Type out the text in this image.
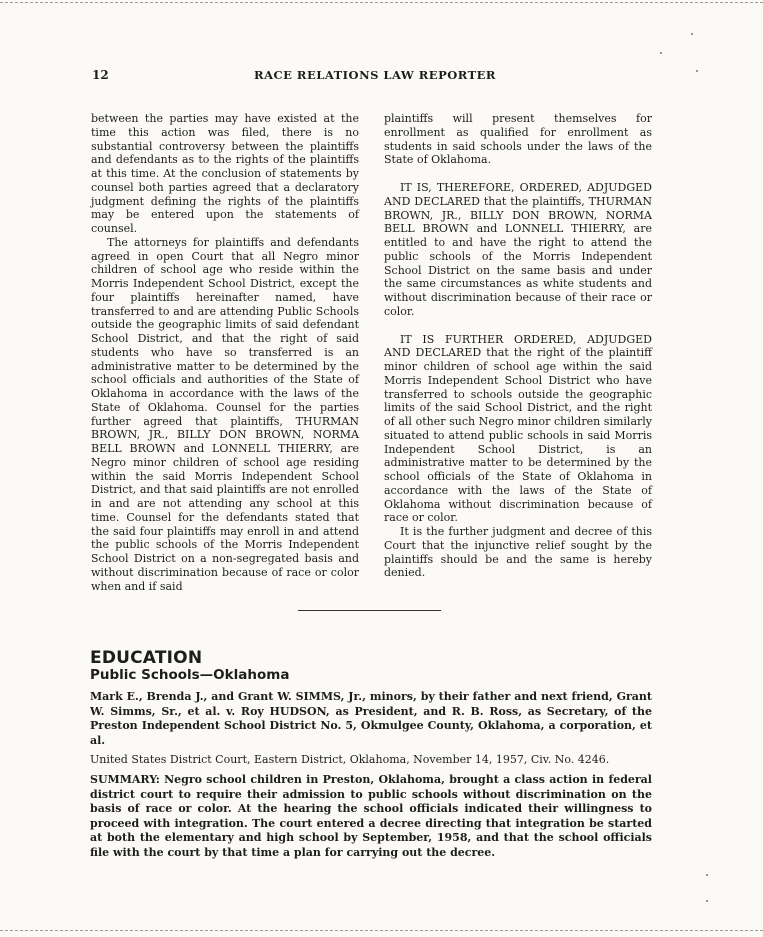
12	RACE RELATIONS LAW REPORTER

between the parties may have existed at the time this action was filed, there is no substantial controversy between the plaintiffs and defendants as to the rights of the plaintiffs at this time. At the conclusion of statements by counsel both parties agreed that a declaratory judgment defining the rights of the plaintiffs may be entered upon the statements of counsel.

The attorneys for plaintiffs and defendants agreed in open Court that all Negro minor children of school age who reside within the Morris Independent School District, except the four plaintiffs hereinafter named, have transferred to and are attending Public Schools outside the geographic limits of said defendant School District, and that the right of said students who have so transferred is an administrative matter to be determined by the school officials and authorities of the State of Oklahoma in accordance with the laws of the State of Oklahoma. Counsel for the parties further agreed that plaintiffs, THURMAN BROWN, JR., BILLY DON BROWN, NORMA BELL BROWN and LONNELL THIERRY, are Negro minor children of school age residing within the said Morris Independent School District, and that said plaintiffs are not enrolled in and are not attending any school at this time. Counsel for the defendants stated that the said four plaintiffs may enroll in and attend the public schools of the Morris Independent School District on a non-segregated basis and without discrimination because of race or color when and if said

plaintiffs will present themselves for enrollment as qualified for enrollment as students in said schools under the laws of the State of Oklahoma.

IT IS, THEREFORE, ORDERED, ADJUDGED AND DECLARED that the plaintiffs, THURMAN BROWN, JR., BILLY DON BROWN, NORMA BELL BROWN and LONNELL THIERRY, are entitled to and have the right to attend the public schools of the Morris Independent School District on the same basis and under the same circumstances as white students and without discrimination because of their race or color.

IT IS FURTHER ORDERED, ADJUDGED AND DECLARED that the right of the plaintiff minor children of school age within the said Morris Independent School District who have transferred to schools outside the geographic limits of the said School District, and the right of all other such Negro minor children similarly situated to attend public schools in said Morris Independent School District, is an administrative matter to be determined by the school officials of the State of Oklahoma in accordance with the laws of the State of Oklahoma without discrimination because of race or color.

It is the further judgment and decree of this Court that the injunctive relief sought by the plaintiffs should be and the same is hereby denied.

EDUCATION
Public Schools—Oklahoma
Mark E., Brenda J., and Grant W. SIMMS, Jr., minors, by their father and next friend, Grant W. Simms, Sr., et al. v. Roy HUDSON, as President, and R. B. Ross, as Secretary, of the Preston Independent School District No. 5, Okmulgee County, Oklahoma, a corporation, et al.
United States District Court, Eastern District, Oklahoma, November 14, 1957, Civ. No. 4246.
SUMMARY: Negro school children in Preston, Oklahoma, brought a class action in federal district court to require their admission to public schools without discrimination on the basis of race or color. At the hearing the school officials indicated their willingness to proceed with integration. The court entered a decree directing that integration be started at both the elementary and high school by September, 1958, and that the school officials file with the court by that time a plan for carrying out the decree.
